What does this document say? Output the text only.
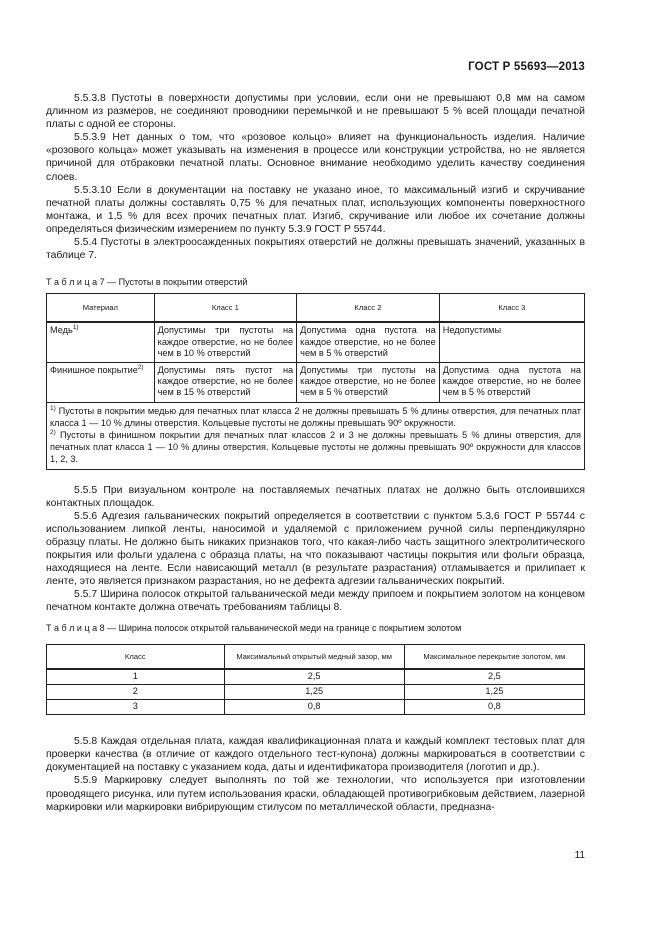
ГОСТ Р 55693—2013

5.5.3.8 Пустоты в поверхности допустимы при условии, если они не превышают 0,8 мм на самом длинном из размеров, не соединяют проводники перемычкой и не превышают 5 % всей площади печатной платы с одной ее стороны.

5.5.3.9 Нет данных о том, что «розовое кольцо» влияет на функциональность изделия. Наличие «розового кольца» может указывать на изменения в процессе или конструкции устройства, но не является причиной для отбраковки печатной платы. Основное внимание необходимо уделить качеству соединения слоев.

5.5.3.10 Если в документации на поставку не указано иное, то максимальный изгиб и скручивание печатной платы должны составлять 0,75 % для печатных плат, использующих компоненты поверхностного монтажа, и 1,5 % для всех прочих печатных плат. Изгиб, скручивание или любое их сочетание должны определяться физическим измерением по пункту 5.3.9 ГОСТ Р 55744.

5.5.4 Пустоты в электроосажденных покрытиях отверстий не должны превышать значений, указанных в таблице 7.

Т а б л и ц а 7 — Пустоты в покрытии отверстий

Материал	Класс 1	Класс 2	Класс 3
Медь$^{1)}$	Допустимы три пустоты на каждое отверстие, но не более чем в 10 % отверстий	Допустима одна пустота на каждое отверстие, но не более чем в 5 % отверстий	Недопустимы
Финишное покрытие$^{2)}$	Допустимы пять пустот на каждое отверстие, но не более чем в 15 % отверстий	Допустимы три пустоты на каждое отверстие, но не более чем в 5 % отверстий	Допустима одна пустота на каждое отверстие, но не более чем в 5 % отверстий

$^{1)}$ Пустоты в покрытии медью для печатных плат класса 2 не должны превышать 5 % длины отверстия, для печатных плат класса 1 — 10 % длины отверстия. Кольцевые пустоты не должны превышать 90º окружности.
$^{2)}$ Пустоты в финишном покрытии для печатных плат классов 2 и 3 не должны превышать 5 % длины отверстия, для печатных плат класса 1 — 10 % длины отверстия. Кольцевые пустоты не должны превышать 90º окружности для классов 1, 2, 3.			

5.5.5 При визуальном контроле на поставляемых печатных платах не должно быть отслоившихся контактных площадок.

5.5.6 Адгезия гальванических покрытий определяется в соответствии с пунктом 5.3.6 ГОСТ Р 55744 с использованием липкой ленты, наносимой и удаляемой с приложением ручной силы перпендикулярно образцу платы. Не должно быть никаких признаков того, что какая-либо часть защитного электролитического покрытия или фольги удалена с образца платы, на что показывают частицы покрытия или фольги образца, находящиеся на ленте. Если нависающий металл (в результате разрастания) отламывается и прилипает к ленте, это является признаком разрастания, но не дефекта адгезии гальванических покрытий.

5.5.7 Ширина полосок открытой гальванической меди между припоем и покрытием золотом на концевом печатном контакте должна отвечать требованиям таблицы 8.

Т а б л и ц а 8 — Ширина полосок открытой гальванической меди на границе с покрытием золотом

Класс	Максимальный открытый медный зазор, мм	Максимальное перекрытие золотом, мм
1	2,5	2,5
2	1,25	1,25
3	0,8	0,8

5.5.8 Каждая отдельная плата, каждая квалификационная плата и каждый комплект тестовых плат для проверки качества (в отличие от каждого отдельного тест-купона) должны маркироваться в соответствии с документацией на поставку с указанием кода, даты и идентификатора производителя (логотип и др.).

5.5.9 Маркировку следует выполнять по той же технологии, что используется при изготовлении проводящего рисунка, или путем использования краски, обладающей противогрибковым действием, лазерной маркировки или маркировки вибрирующим стилусом по металлической области, предназна-

11
